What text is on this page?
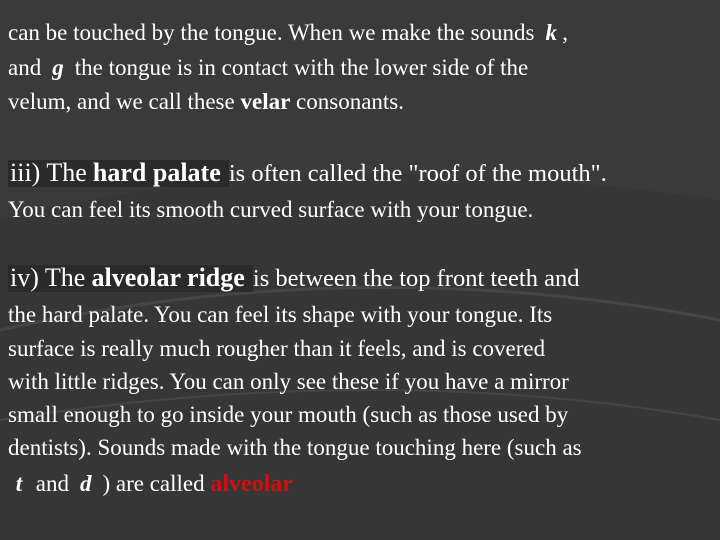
can be touched by the tongue. When we make the sounds k ,
and g the tongue is in contact with the lower side of the
velum, and we call these velar consonants.
iii) The hard palate is often called the "roof of the mouth".
You can feel its smooth curved surface with your tongue.
iv) The alveolar ridge is between the top front teeth and
the hard palate. You can feel its shape with your tongue. Its
surface is really much rougher than it feels, and is covered
with little ridges. You can only see these if you have a mirror
small enough to go inside your mouth (such as those used by
dentists). Sounds made with the tongue touching here (such as
t and d ) are called alveolar
